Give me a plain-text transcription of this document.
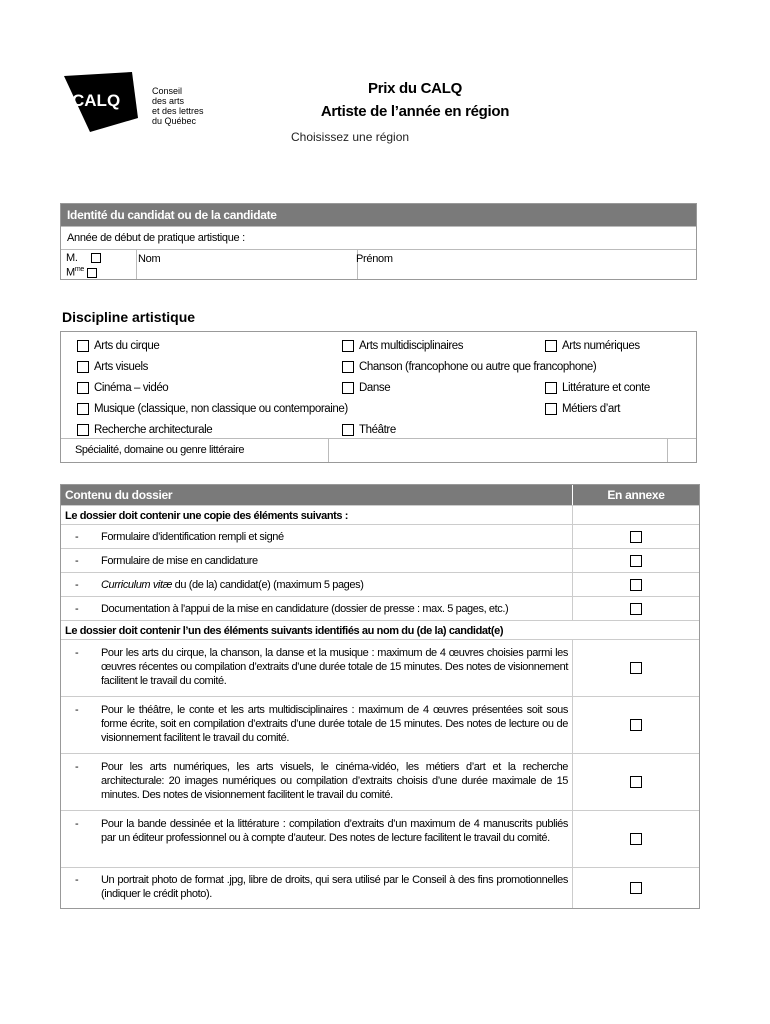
CALQ	Conseil
des arts
et des lettres
du Québec
Prix du CALQ
Artiste de l’année en région
Choisissez une région
Identité du candidat ou de la candidate
Année de début de pratique artistique :
M.
$M^{me}$
Nom	Prénom
Discipline artistique
Arts du cirque	Arts multidisciplinaires	Arts numériques
Arts visuels	Chanson (francophone ou autre que francophone)
Cinéma – vidéo	Danse	Littérature et conte
Musique (classique, non classique ou contemporaine)	Métiers d’art
Recherche architecturale	Théâtre
Spécialité, domaine ou genre littéraire
Contenu du dossier	En annexe
Le dossier doit contenir une copie des éléments suivants :
-	Formulaire d’identification rempli et signé
-	Formulaire de mise en candidature
-	Curriculum vitæ du (de la) candidat(e) (maximum 5 pages)
-	Documentation à l’appui de la mise en candidature (dossier de presse : max. 5 pages, etc.)
Le dossier doit contenir l’un des éléments suivants identifiés au nom du (de la) candidat(e)
-	Pour les arts du cirque, la chanson, la danse et la musique : maximum de 4 œuvres choisies parmi les œuvres récentes ou compilation d’extraits d’une durée totale de 15 minutes. Des notes de visionnement facilitent le travail du comité.
-	Pour le théâtre, le conte et les arts multidisciplinaires : maximum de 4 œuvres présentées soit sous forme écrite, soit en compilation d’extraits d’une durée totale de 15 minutes. Des notes de lecture ou de visionnement facilitent le travail du comité.
-	Pour les arts numériques, les arts visuels, le cinéma-vidéo, les métiers d’art et la recherche architecturale: 20 images numériques ou compilation d’extraits choisis d’une durée maximale de 15 minutes. Des notes de visionnement facilitent le travail du comité.
-	Pour la bande dessinée et la littérature : compilation d’extraits d’un maximum de 4 manuscrits publiés par un éditeur professionnel ou à compte d’auteur. Des notes de lecture facilitent le travail du comité.
-	Un portrait photo de format .jpg, libre de droits, qui sera utilisé par le Conseil à des fins promotionnelles (indiquer le crédit photo).
